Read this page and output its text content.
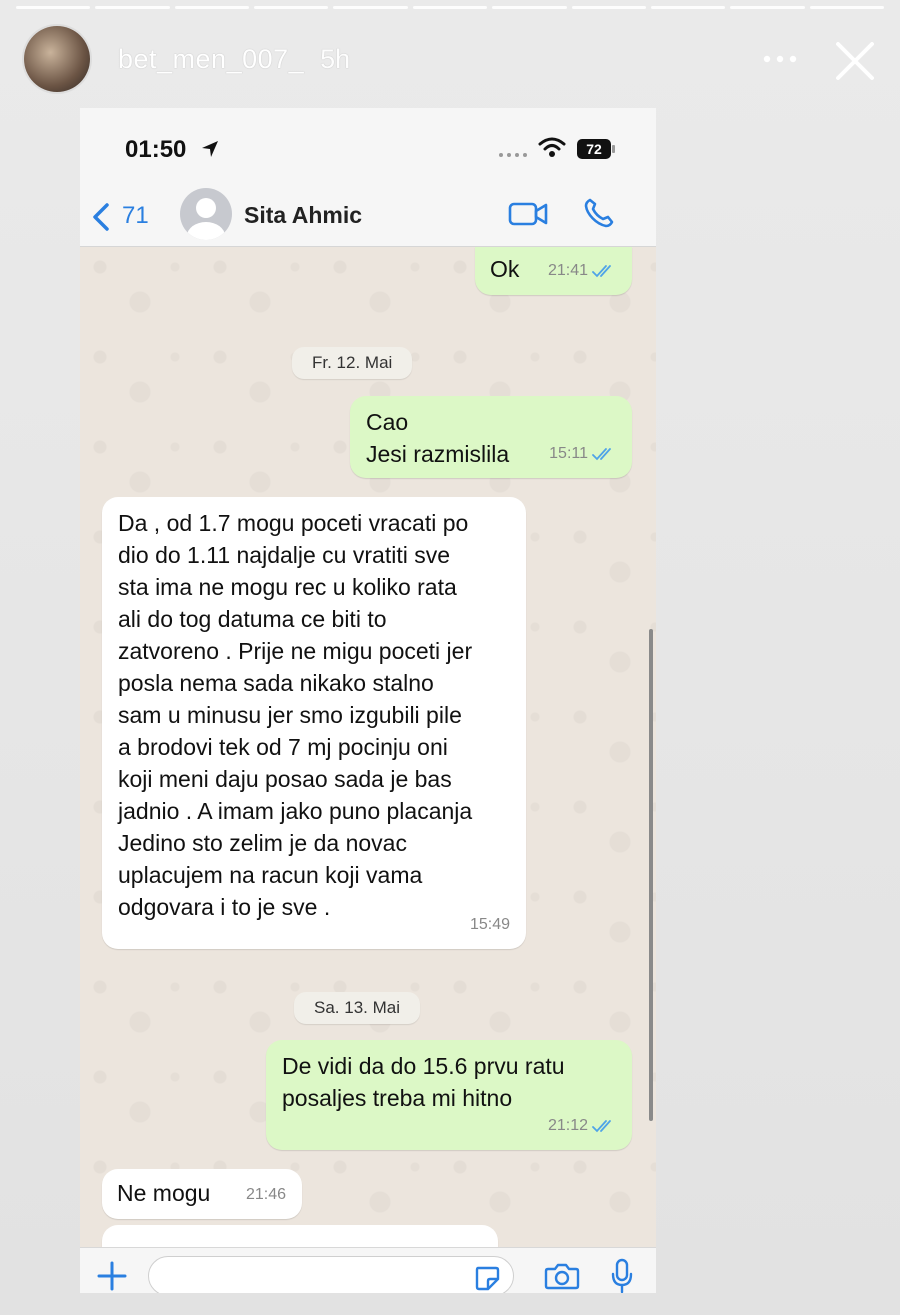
bet_men_007_ 5h
01:50	72
71	Sita Ahmic
Ok 21:41
Fr. 12. Mai
Cao
Jesi razmislila	15:11
Da , od 1.7 mogu poceti vracati po
dio do 1.11 najdalje cu vratiti sve
sta ima ne mogu rec u koliko rata
ali do tog datuma ce biti to
zatvoreno . Prije ne migu poceti jer
posla nema sada nikako stalno
sam u minusu jer smo izgubili pile
a brodovi tek od 7 mj pocinju oni
koji meni daju posao sada je bas
jadnio . A imam jako puno placanja
Jedino sto zelim je da novac
uplacujem na racun koji vama
odgovara i to je sve .
15:49
Sa. 13. Mai
De vidi da do 15.6 prvu ratu
posaljes treba mi hitno
21:12
Ne mogu 21:46
